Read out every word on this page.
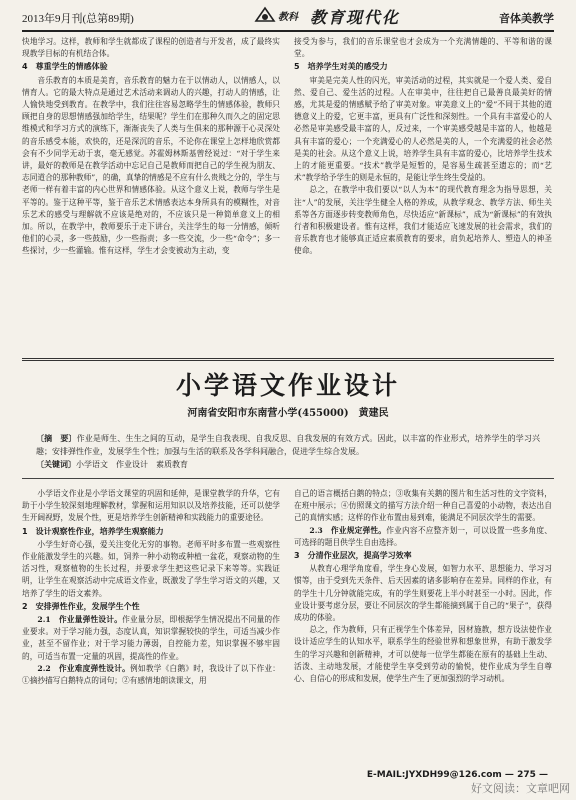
2013年9月刊(总第89期)	教科 教育现代化	音体美教学

快地学习。这样，教师和学生就都成了课程的创造者与开发者，成了最终实现教学目标的有机结合体。

4　尊重学生的情感体验

音乐教育的本质是美育，音乐教育的魅力在于以情动人，以情感人，以情育人。它的最大特点是通过艺术活动来调动人的兴趣，打动人的情感，让人愉快地受到教育。在教学中，我们往往容易忽略学生的情感体验，教师只顾把自身的思想情感强加给学生，结果呢？学生们在那种久而久之的固定思维模式和学习方式的演练下，渐渐丧失了人类与生俱来的那种源于心灵深处的音乐感受本能，欢快的，还是深沉的音乐，不论你在课堂上怎样地欣赏都会有不少同学无动于衷，毫无感觉。苏霍姆林斯基曾经说过：“对于学生来讲，最好的教师是在教学活动中忘记自己是教师而把自己的学生视为朋友、志同道合的那种教师”，的确，真挚的情感是不应有什么贵贱之分的，学生与老师一样有着丰富的内心世界和情感体验。从这个意义上说，教师与学生是平等的。鉴于这种平等，鉴于音乐艺术情感表达本身所具有的模糊性，对音乐艺术的感受与理解就不应该是绝对的，不应该只是一种简单意义上的相加。所以，在教学中，教师要乐于走下讲台，关注学生的每一分情感，倾听他们的心灵，多一些鼓励，少一些指责；多一些交流，少一些“命令”；多一些探讨，少一些灌输。惟有这样，学生才会变被动为主动，变

接受为参与，我们的音乐课堂也才会成为一个充满情趣的、平等和谐的课堂。

5　培养学生对美的感受力

审美是完美人性的闪光，审美活动的过程，其实就是一个爱人类、爱自然、爱自己、爱生活的过程。人在审美中，往往把自己最善良最美好的情感，尤其是爱的情感赋予给了审美对象。审美意义上的“爱”不同于其他的道德意义上的爱，它更丰富，更具有广泛性和深刻性。一个具有丰富爱心的人必然是审美感受最丰富的人，反过来，一个审美感受越是丰富的人，他越是具有丰富的爱心；一个充满爱心的人必然是美的人，一个充满爱的社会必然是美的社会。从这个意义上说，培养学生具有丰富的爱心，比培养学生技术上的才能更重要。“技术”教学是短暂的，是容易生疏甚至遗忘的；而“艺术”教学给予学生的则是永恒的，是能让学生终生受益的。

总之，在教学中我们要以“以人为本”的现代教育理念为指导思想，关注“人”的发展，关注学生健全人格的养成，从教学观念、教学方法、师生关系等各方面逐步转变教师角色，尽快适应“新课标”，成为“新课标”的有效执行者和积极建设者。惟有这样，我们才能适应飞速发展的社会需求，我们的音乐教育也才能够真正适应素质教育的要求，肩负起培养人、塑造人的神圣使命。

小学语文作业设计
河南省安阳市东南营小学(455000)　黄建民

〔摘　要〕作业是师生、生生之间的互动，是学生自我表现、自我反思、自我发展的有效方式。因此，以丰富的作业形式，培养学生的学习兴趣；安排弹性作业，发展学生个性；加强与生活的联系及各学科间融合，促进学生综合发展。

〔关键词〕小学语文　作业设计　素质教育

小学语文作业是小学语文课堂的巩固和延伸，是课堂教学的升华，它有助于小学生较深刻地理解教材，掌握和运用知识以及培养技能，还可以使学生开阔视野，发展个性，更是培养学生创新精神和实践能力的重要途径。

1　设计观察性作业，培养学生观察能力

小学生好奇心强，爱关注变化无穷的事物。老师平时多布置一些观察性作业能激发学生的兴趣。如，饲养一种小动物或种植一盆花，观察动物的生活习性，观察植物的生长过程，并要求学生把这些记录下来等等。实践证明，让学生在观察活动中完成语文作业，既激发了学生学习语文的兴趣，又培养了学生的语文素养。

2　安排弹性作业，发展学生个性

2.1　作业量弹性设计。作业量分层，即根据学生情况提出不同量的作业要求。对于学习能力强，态度认真，知识掌握较快的学生，可适当减少作业，甚至不留作业；对于学习能力薄弱，自控能力差，知识掌握不够牢固的，可适当布置一定量的巩固，提高性的作业。

2.2　作业难度弹性设计。例如教学《白鹅》时，我设计了以下作业：①摘抄描写白鹅特点的词句；②有感情地朗读课文，用

自己的语言概括白鹅的特点；③收集有关鹅的图片和生活习性的文字资料，在班中展示；④仿照课文的描写方法介绍一种自己喜爱的小动物，表达出自己的真情实感；这样的作业布置由易到难，能满足不同层次学生的需要。

2.3　作业规定弹性。作业内容不应整齐划一，可以设置一些多角度、可选择的题目供学生自由选择。

3　分清作业层次，提高学习效率

从教育心理学角度看，学生身心发展，如智力水平、思想能力、学习习惯等，由于受到先天条件、后天因素的诸多影响存在差异。同样的作业，有的学生十几分钟就能完成，有的学生则要花上半小时甚至一小时。因此，作业设计要考虑分层，要让不同层次的学生都能摘到属于自己的“果子”，获得成功的体验。

总之，作为教师，只有正视学生个体差异，因材施教，想方设法使作业设计适应学生的认知水平，联系学生的经验世界和想象世界，有助于激发学生的学习兴趣和创新精神，才可以使每一位学生都能在原有的基础上生动、活泼、主动地发展，才能使学生享受到劳动的愉悦，使作业成为学生自尊心、自信心的形成和发展，使学生产生了更加强烈的学习动机。

E-MAIL:JYXDH99@126.com — 275 —
好文阅读：文章吧网
